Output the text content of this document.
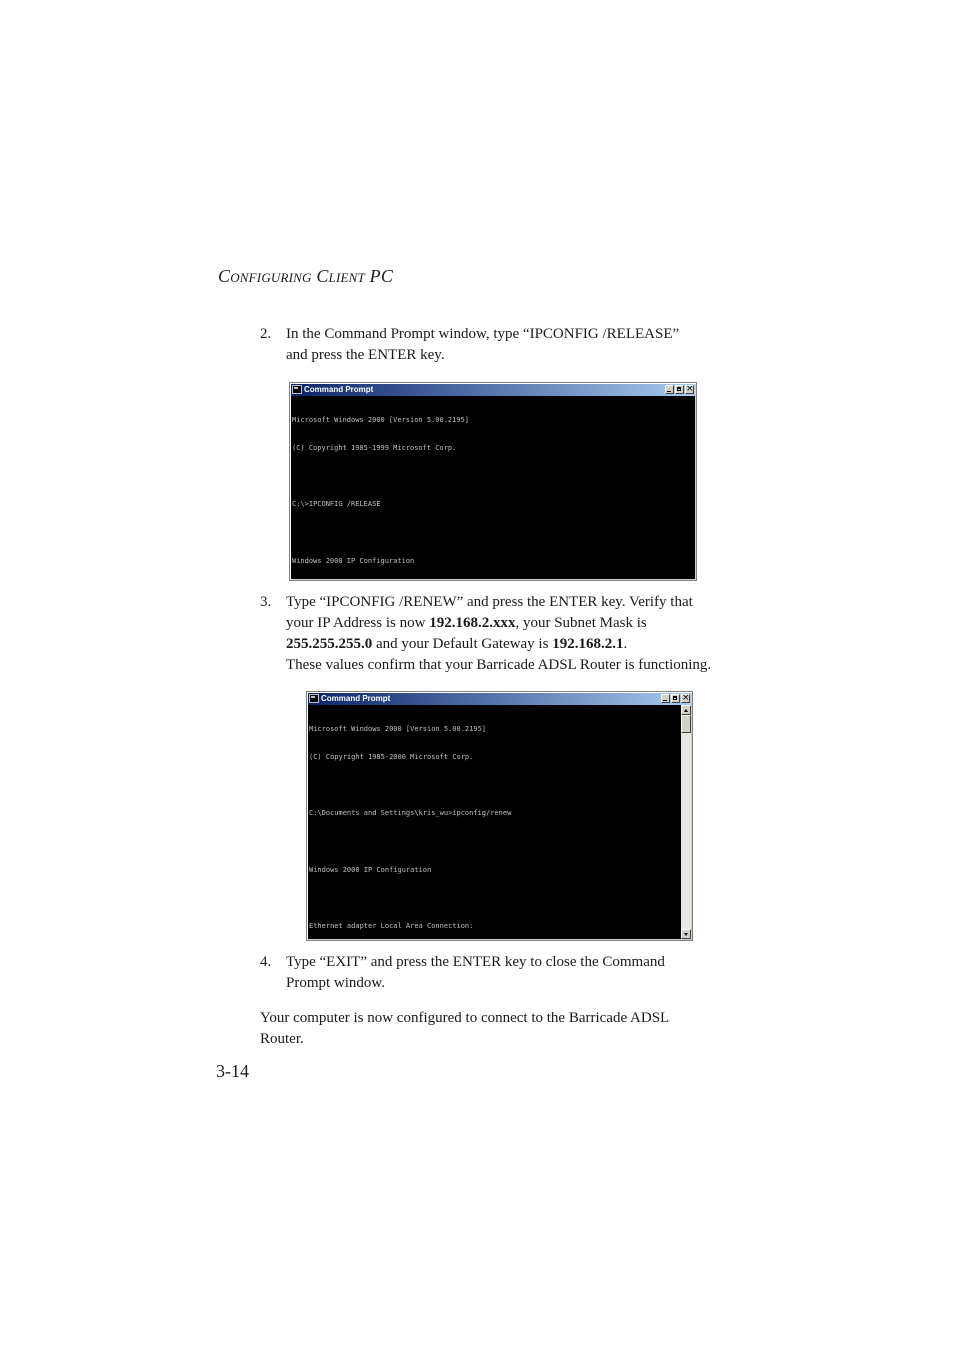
Configuring Client PC
2. In the Command Prompt window, type “IPCONFIG /RELEASE”
and press the ENTER key.
Command Prompt
×

Microsoft Windows 2000 [Version 5.00.2195]

(C) Copyright 1985-1999 Microsoft Corp.

C:\>IPCONFIG /RELEASE

Windows 2000 IP Configuration

3. Type “IPCONFIG /RENEW” and press the ENTER key. Verify that
your IP Address is now 192.168.2.xxx, your Subnet Mask is
255.255.255.0 and your Default Gateway is 192.168.2.1.
These values confirm that your Barricade ADSL Router is functioning.
Command Prompt
×

Microsoft Windows 2000 [Version 5.00.2195]

(C) Copyright 1985-2000 Microsoft Corp.

C:\Documents and Settings\kris_wu>ipconfig/renew

Windows 2000 IP Configuration

Ethernet adapter Local Area Connection:

4. Type “EXIT” and press the ENTER key to close the Command
Prompt window.
Your computer is now configured to connect to the Barricade ADSL
Router.
3-14
